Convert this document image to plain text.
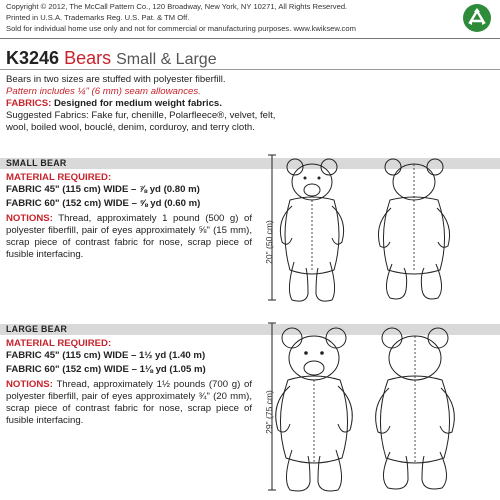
Copyright © 2012, The McCall Pattern Co., 120 Broadway, New York, NY 10271, All Rights Reserved.
Printed in U.S.A. Trademarks Reg. U.S. Pat. & TM Off.
Sold for individual home use only and not for commercial or manufacturing purposes. www.kwiksew.com
K3246 Bears Small & Large
Bears in two sizes are stuffed with polyester fiberfill.
Pattern includes ¼" (6 mm) seam allowances.
FABRICS: Designed for medium weight fabrics.
Suggested Fabrics: Fake fur, chenille, Polarfleece®, velvet, felt, wool, boiled wool, bouclé, denim, corduroy, and terry cloth.
SMALL BEAR
MATERIAL REQUIRED:
FABRIC 45" (115 cm) WIDE – ⅞ yd (0.80 m)
FABRIC 60" (152 cm) WIDE – ⅝ yd (0.60 m)
NOTIONS: Thread, approximately 1 pound (500 g) of polyester fiberfill, pair of eyes approximately ⅝" (15 mm), scrap piece of contrast fabric for nose, scrap piece of fusible interfacing.	20" (50 cm)
LARGE BEAR
MATERIAL REQUIRED:
FABRIC 45" (115 cm) WIDE – 1½ yd (1.40 m)
FABRIC 60" (152 cm) WIDE – 1⅛ yd (1.05 m)
NOTIONS: Thread, approximately 1½ pounds (700 g) of polyester fiberfill, pair of eyes approximately ¾" (20 mm), scrap piece of contrast fabric for nose, scrap piece of fusible interfacing.	29" (75 cm)
